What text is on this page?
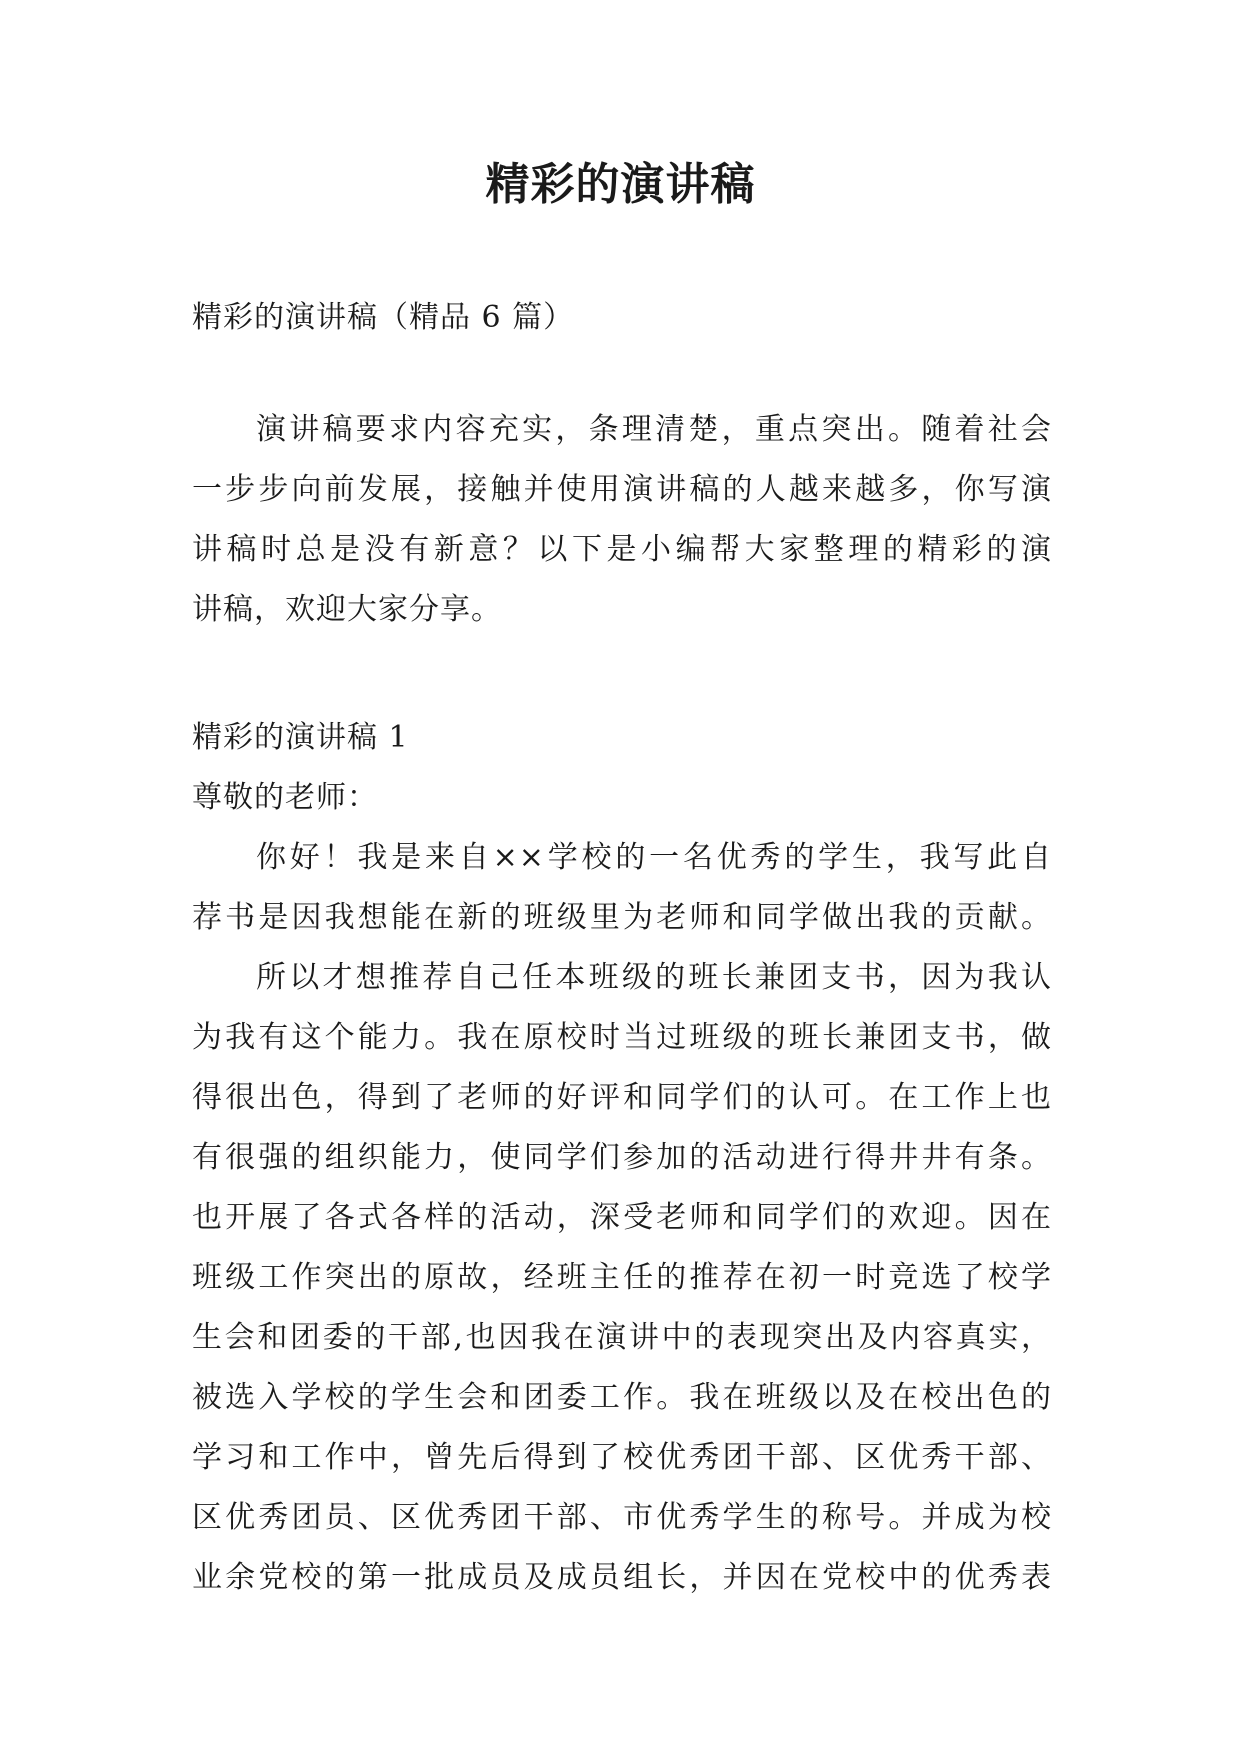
精彩的演讲稿
精彩的演讲稿（精品 6 篇）
演讲稿要求内容充实，条理清楚，重点突出。随着社会
一步步向前发展，接触并使用演讲稿的人越来越多，你写演
讲稿时总是没有新意？以下是小编帮大家整理的精彩的演
讲稿，欢迎大家分享。
精彩的演讲稿 1
尊敬的老师：
你好！我是来自××学校的一名优秀的学生，我写此自
荐书是因我想能在新的班级里为老师和同学做出我的贡献。
所以才想推荐自己任本班级的班长兼团支书，因为我认
为我有这个能力。我在原校时当过班级的班长兼团支书，做
得很出色，得到了老师的好评和同学们的认可。在工作上也
有很强的组织能力，使同学们参加的活动进行得井井有条。
也开展了各式各样的活动，深受老师和同学们的欢迎。因在
班级工作突出的原故，经班主任的推荐在初一时竞选了校学
生会和团委的干部,也因我在演讲中的表现突出及内容真实，
被选入学校的学生会和团委工作。我在班级以及在校出色的
学习和工作中，曾先后得到了校优秀团干部、区优秀干部、
区优秀团员、区优秀团干部、市优秀学生的称号。并成为校
业余党校的第一批成员及成员组长，并因在党校中的优秀表
